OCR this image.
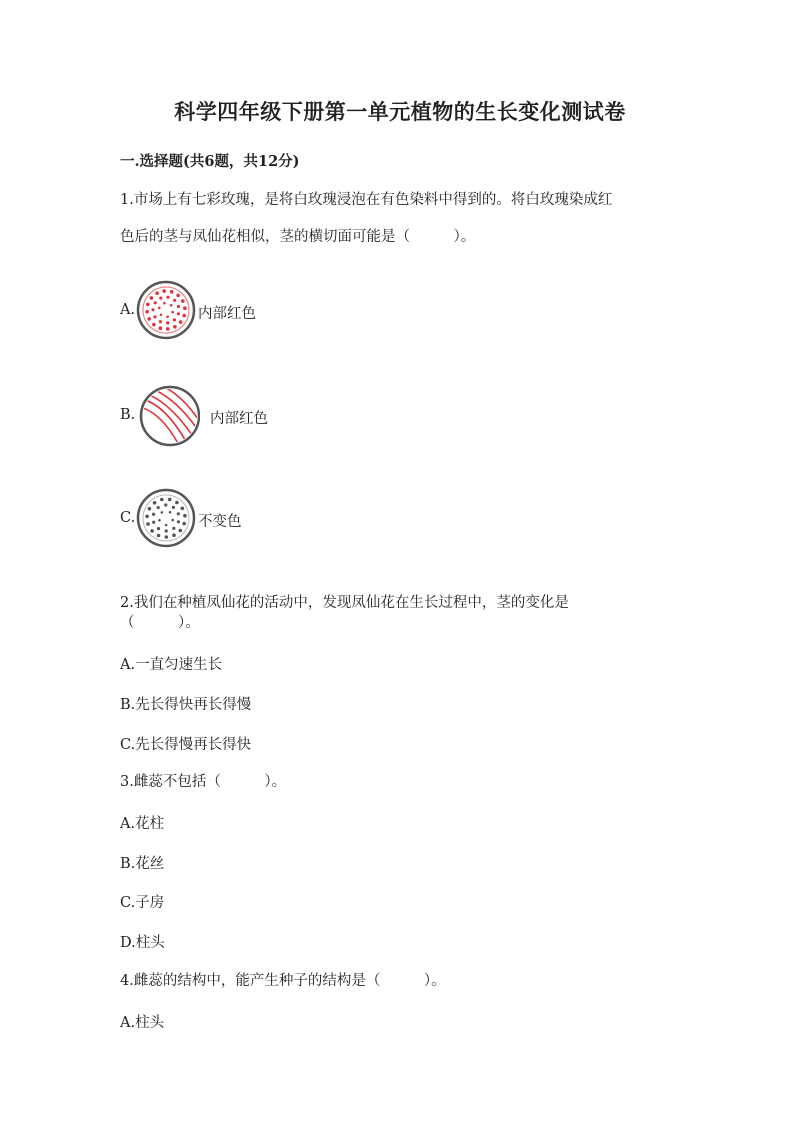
科学四年级下册第一单元植物的生长变化测试卷
一.选择题(共6题，共12分)
1.市场上有七彩玫瑰，是将白玫瑰浸泡在有色染料中得到的。将白玫瑰染成红
色后的茎与凤仙花相似，茎的横切面可能是（　　　）。
A.	内部红色
B.	内部红色
C.	不变色
2.我们在种植凤仙花的活动中，发现凤仙花在生长过程中，茎的变化是
（　　　）。
A.一直匀速生长
B.先长得快再长得慢
C.先长得慢再长得快
3.雌蕊不包括（　　　）。
A.花柱
B.花丝
C.子房
D.柱头
4.雌蕊的结构中，能产生种子的结构是（　　　）。
A.柱头
